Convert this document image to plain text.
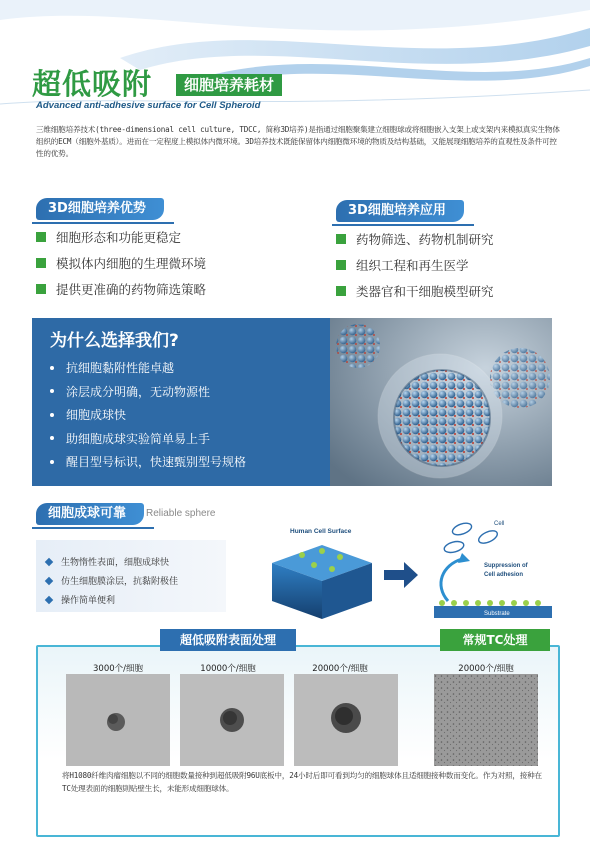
超低吸附	细胞培养耗材
Advanced anti-adhesive surface for Cell Spheroid
三维细胞培养技术(three-dimensional cell culture, TDCC, 简称3D培养)是指通过细胞聚集建立细胞球或将细胞嵌入支架上或支架内来模拟真实生物体组织的ECM（细胞外基质）。进而在一定程度上模拟体内微环境。3D培养技术既能保留体内细胞微环境的物质及结构基础，又能展现细胞培养的直观性及条件可控性的优势。
3D细胞培养优势
细胞形态和功能更稳定
模拟体内细胞的生理微环境
提供更准确的药物筛选策略
3D细胞培养应用
药物筛选、药物机制研究
组织工程和再生医学
类器官和干细胞模型研究
为什么选择我们?
抗细胞黏附性能卓越
涂层成分明确，无动物源性
细胞成球快
助细胞成球实验简单易上手
醒目型号标识，快速甄别型号规格
细胞成球可靠	Reliable sphere
生物惰性表面，细胞成球快
仿生细胞膜涂层，抗黏附极佳
操作简单便利
Human Cell Surface
Cell
Suppression of
Cell adhesion
Substrate
超低吸附表面处理	常规TC处理
3000个/细胞	10000个/细胞	20000个/细胞	20000个/细胞
将H1080纤维肉瘤细胞以不同的细胞数量接种到超低吸附96U底板中，24小时后即可看到均匀的细胞球体且适细胞接种数而变化。作为对照，接种在TC处理表面的细胞則贴壁生长，未能形成细胞球体。
